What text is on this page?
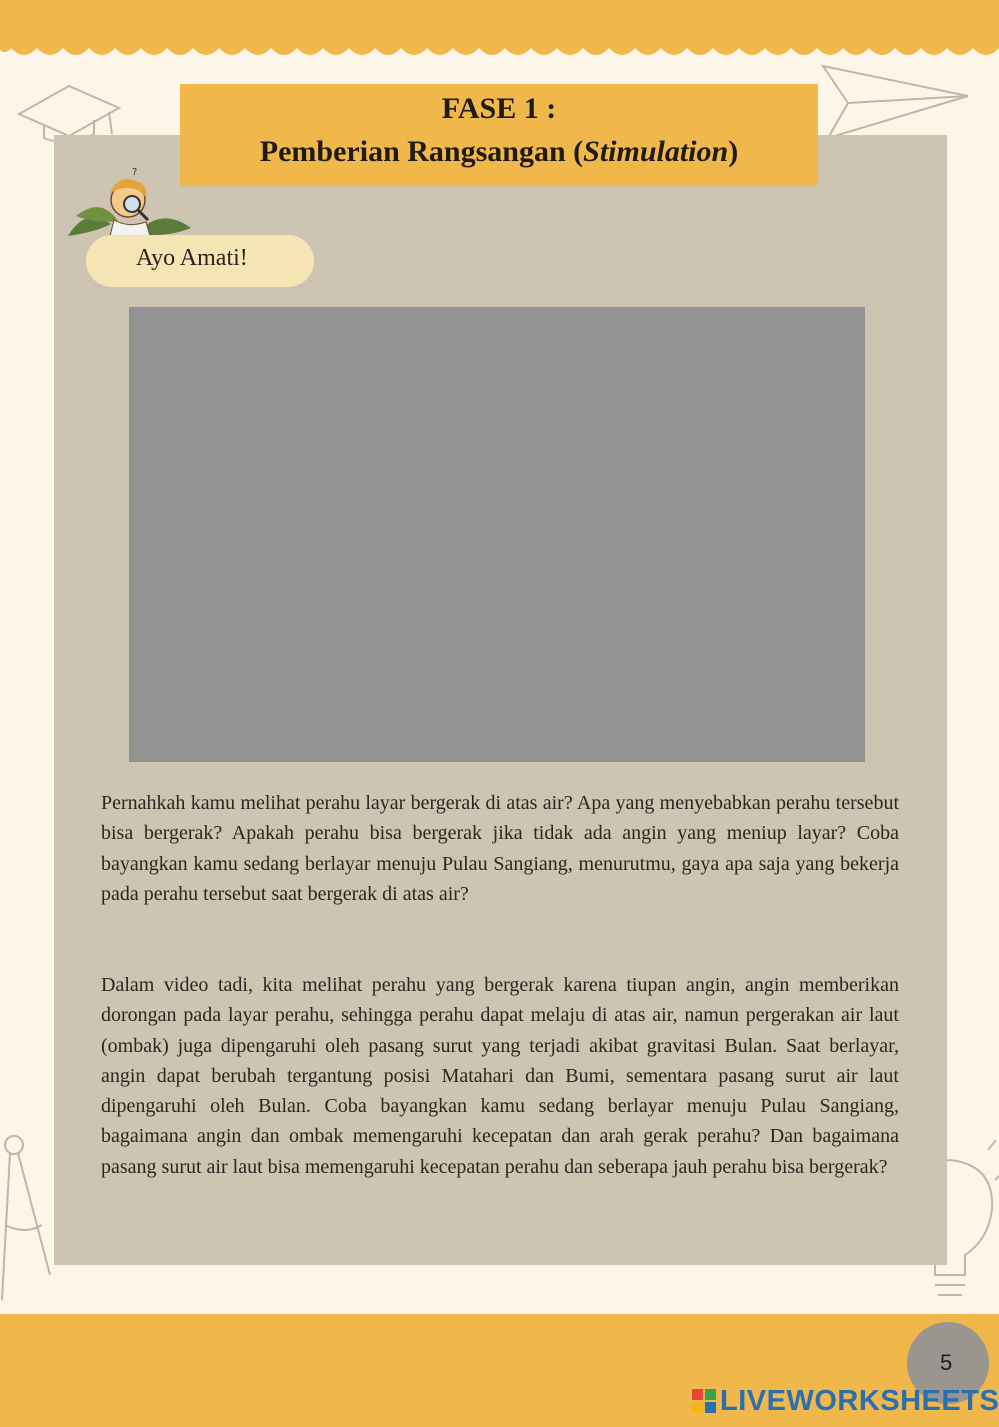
FASE 1 :
Pemberian Rangsangan (Stimulation)
?
Ayo Amati!

Pernahkah kamu melihat perahu layar bergerak di atas air? Apa yang menyebabkan perahu tersebut bisa bergerak? Apakah perahu bisa bergerak jika tidak ada angin yang meniup layar? Coba bayangkan kamu sedang berlayar menuju Pulau Sangiang, menurutmu, gaya apa saja yang bekerja pada perahu tersebut saat bergerak di atas air?

Dalam video tadi, kita melihat perahu yang bergerak karena tiupan angin, angin memberikan dorongan pada layar perahu, sehingga perahu dapat melaju di atas air, namun pergerakan air laut (ombak) juga dipengaruhi oleh pasang surut yang terjadi akibat gravitasi Bulan. Saat berlayar, angin dapat berubah tergantung posisi Matahari dan Bumi, sementara pasang surut air laut dipengaruhi oleh Bulan. Coba bayangkan kamu sedang berlayar menuju Pulau Sangiang, bagaimana angin dan ombak memengaruhi kecepatan dan arah gerak perahu? Dan bagaimana pasang surut air laut bisa memengaruhi kecepatan perahu dan seberapa jauh perahu bisa bergerak?

5
LIVEWORKSHEETS
